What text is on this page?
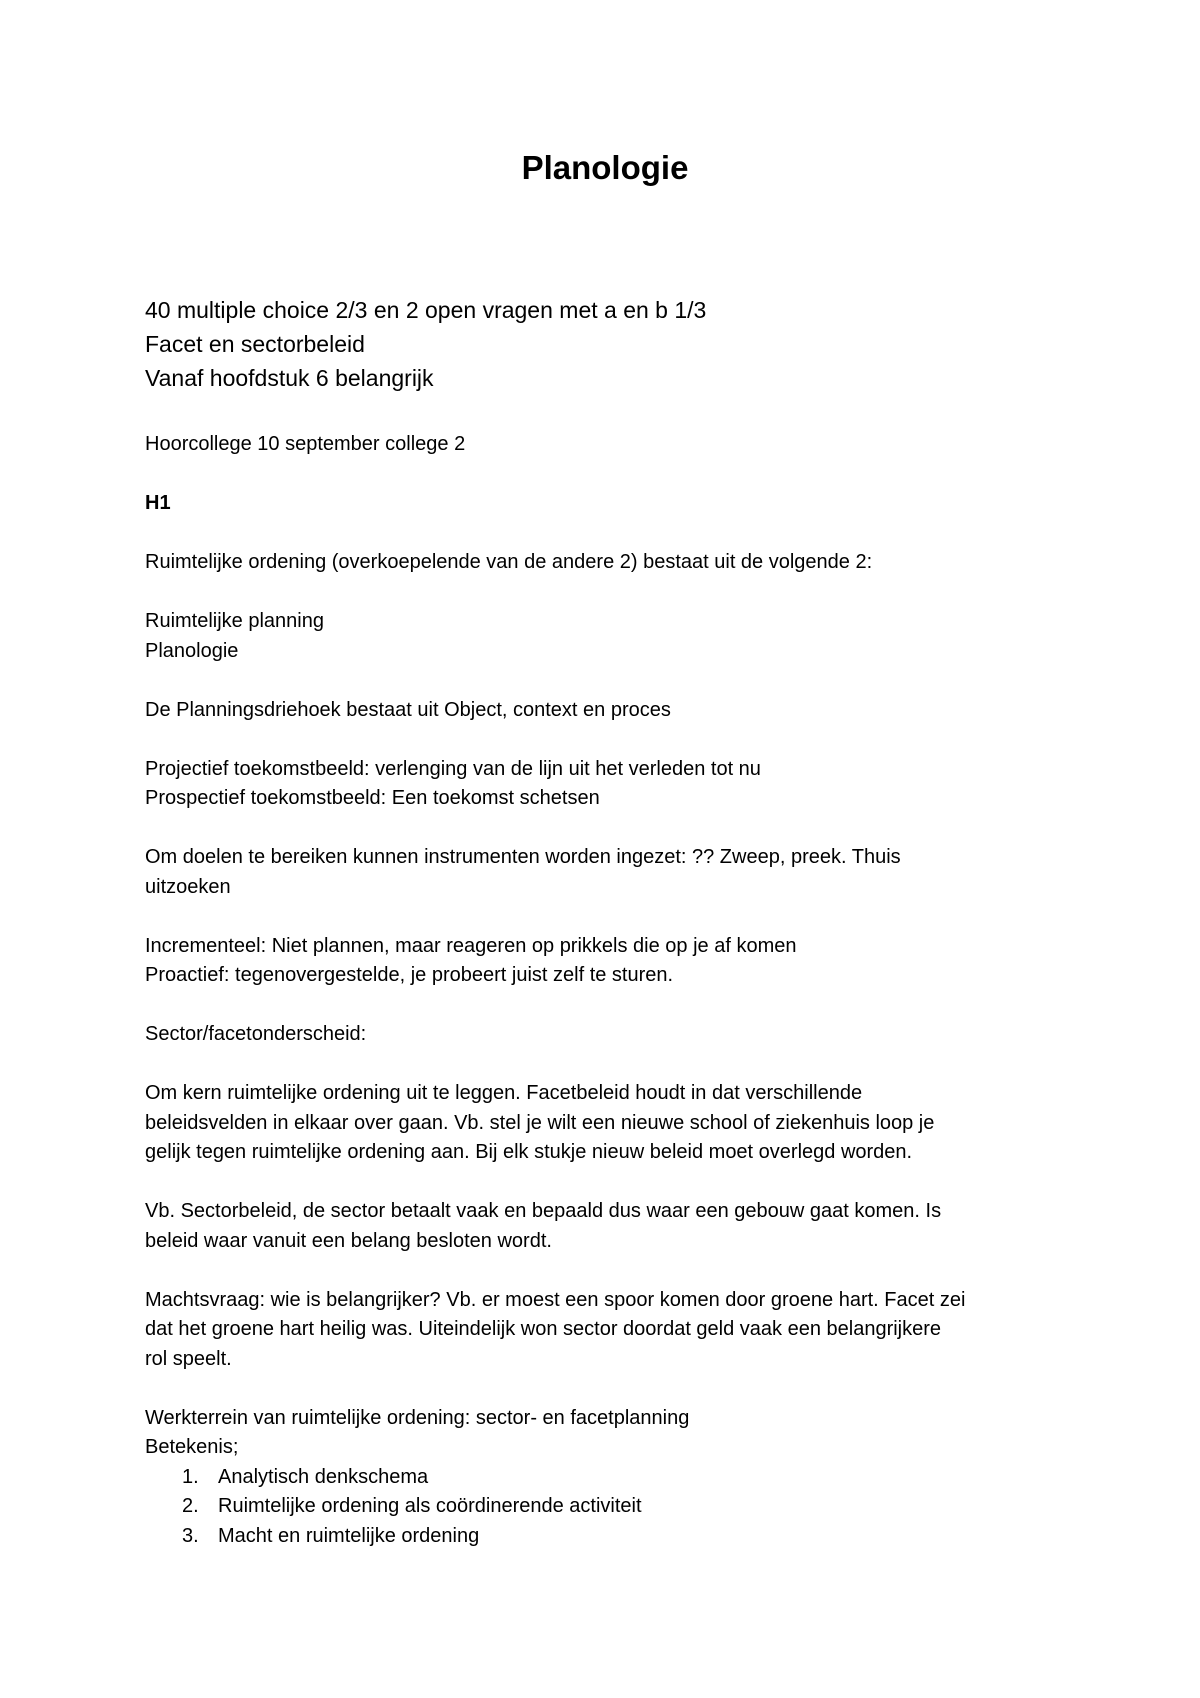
Planologie
40 multiple choice 2/3 en 2 open vragen met a en b 1/3
Facet en sectorbeleid
Vanaf hoofdstuk 6 belangrijk

Hoorcollege 10 september college 2

H1

Ruimtelijke ordening (overkoepelende van de andere 2) bestaat uit de volgende 2:

Ruimtelijke planning
Planologie

De Planningsdriehoek bestaat uit Object, context en proces

Projectief toekomstbeeld: verlenging van de lijn uit het verleden tot nu
Prospectief toekomstbeeld: Een toekomst schetsen

Om doelen te bereiken kunnen instrumenten worden ingezet: ?? Zweep, preek. Thuis
uitzoeken

Incrementeel: Niet plannen, maar reageren op prikkels die op je af komen
Proactief: tegenovergestelde, je probeert juist zelf te sturen.

Sector/facetonderscheid:

Om kern ruimtelijke ordening uit te leggen. Facetbeleid houdt in dat verschillende
beleidsvelden in elkaar over gaan. Vb. stel je wilt een nieuwe school of ziekenhuis loop je
gelijk tegen ruimtelijke ordening aan. Bij elk stukje nieuw beleid moet overlegd worden.

Vb. Sectorbeleid, de sector betaalt vaak en bepaald dus waar een gebouw gaat komen. Is
beleid waar vanuit een belang besloten wordt.

Machtsvraag: wie is belangrijker? Vb. er moest een spoor komen door groene hart. Facet zei
dat het groene hart heilig was. Uiteindelijk won sector doordat geld vaak een belangrijkere
rol speelt.

Werkterrein van ruimtelijke ordening: sector- en facetplanning
Betekenis;

1. Analytisch denkschema
2. Ruimtelijke ordening als coördinerende activiteit
3. Macht en ruimtelijke ordening
